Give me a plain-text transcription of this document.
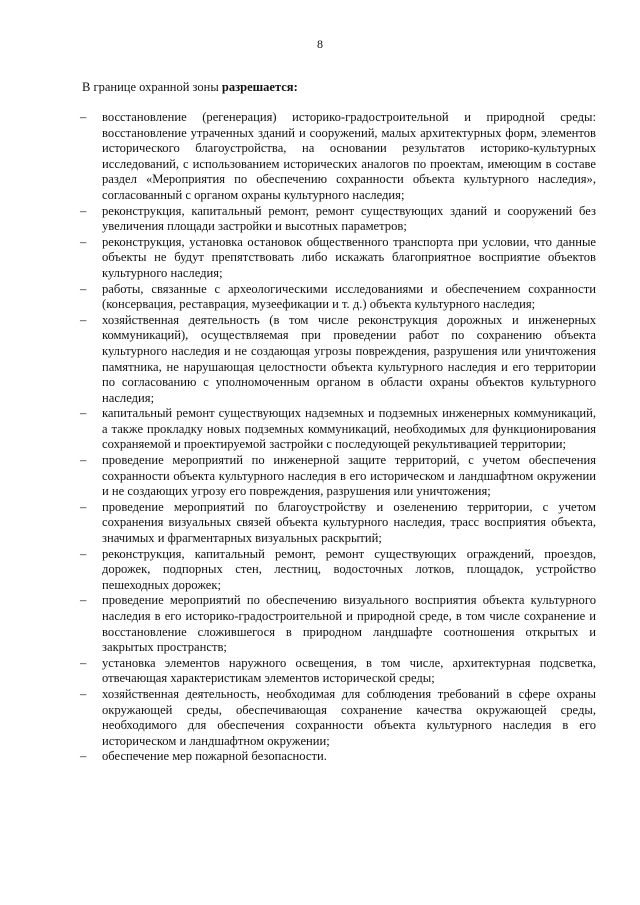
8
В границе охранной зоны разрешается:
– восстановление (регенерация) историко-градостроительной и природной среды: восстановление утраченных зданий и сооружений, малых архитектурных форм, элементов исторического благоустройства, на основании результатов историко-культурных исследований, с использованием исторических аналогов по проектам, имеющим в составе раздел «Мероприятия по обеспечению сохранности объекта культурного наследия», согласованный с органом охраны культурного наследия;
– реконструкция, капитальный ремонт, ремонт существующих зданий и сооружений без увеличения площади застройки и высотных параметров;
– реконструкция, установка остановок общественного транспорта при условии, что данные объекты не будут препятствовать либо искажать благоприятное восприятие объектов культурного наследия;
– работы, связанные с археологическими исследованиями и обеспечением сохранности (консервация, реставрация, музеефикации и т. д.) объекта культурного наследия;
– хозяйственная деятельность (в том числе реконструкция дорожных и инженерных коммуникаций), осуществляемая при проведении работ по сохранению объекта культурного наследия и не создающая угрозы повреждения, разрушения или уничтожения памятника, не нарушающая целостности объекта культурного наследия и его территории по согласованию с уполномоченным органом в области охраны объектов культурного наследия;
– капитальный ремонт существующих надземных и подземных инженерных коммуникаций, а также прокладку новых подземных коммуникаций, необходимых для функционирования сохраняемой и проектируемой застройки с последующей рекультивацией территории;
– проведение мероприятий по инженерной защите территорий, с учетом обеспечения сохранности объекта культурного наследия в его историческом и ландшафтном окружении и не создающих угрозу его повреждения, разрушения или уничтожения;
– проведение мероприятий по благоустройству и озеленению территории, с учетом сохранения визуальных связей объекта культурного наследия, трасс восприятия объекта, значимых и фрагментарных визуальных раскрытий;
– реконструкция, капитальный ремонт, ремонт существующих ограждений, проездов, дорожек, подпорных стен, лестниц, водосточных лотков, площадок, устройство пешеходных дорожек;
– проведение мероприятий по обеспечению визуального восприятия объекта культурного наследия в его историко-градостроительной и природной среде, в том числе сохранение и восстановление сложившегося в природном ландшафте соотношения открытых и закрытых пространств;
– установка элементов наружного освещения, в том числе, архитектурная подсветка, отвечающая характеристикам элементов исторической среды;
– хозяйственная деятельность, необходимая для соблюдения требований в сфере охраны окружающей среды, обеспечивающая сохранение качества окружающей среды, необходимого для обеспечения сохранности объекта культурного наследия в его историческом и ландшафтном окружении;
– обеспечение мер пожарной безопасности.
